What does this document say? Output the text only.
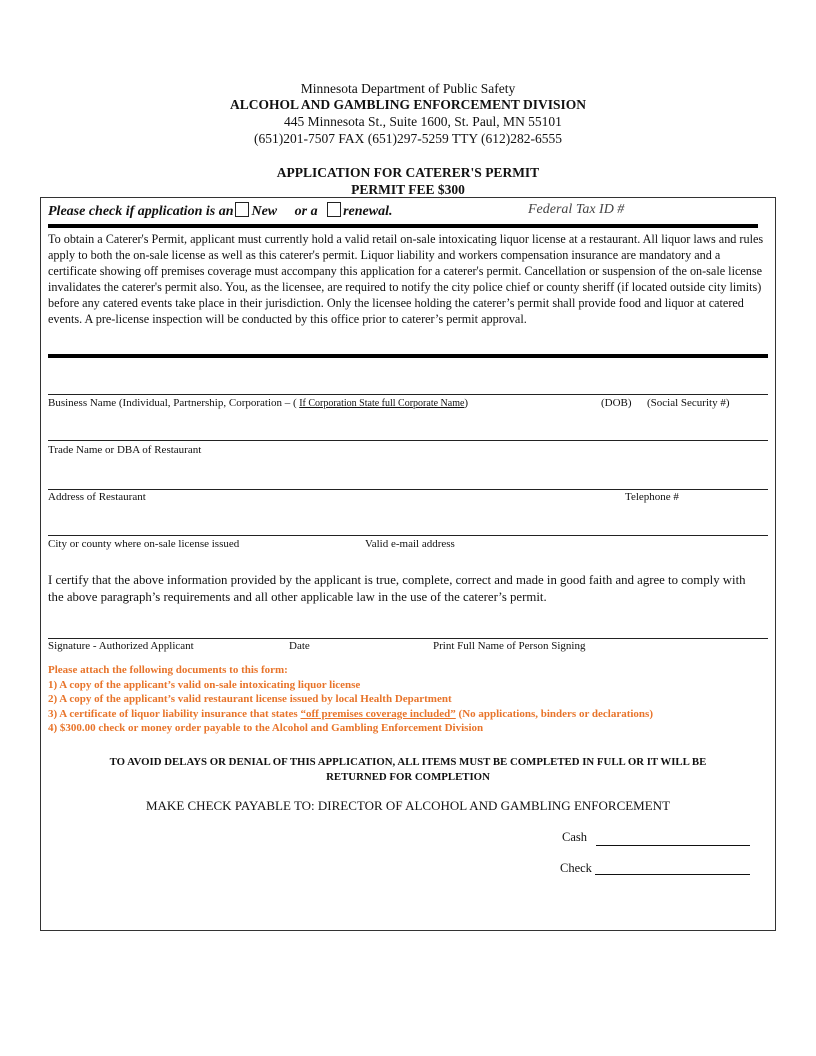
Minnesota Department of Public Safety
ALCOHOL AND GAMBLING ENFORCEMENT DIVISION
445 Minnesota St., Suite 1600, St. Paul, MN 55101
(651)201-7507 FAX (651)297-5259 TTY (612)282-6555
APPLICATION FOR CATERER'S PERMIT
PERMIT FEE $300
Please check if application is an New or a renewal.	Federal Tax ID #
To obtain a Caterer's Permit, applicant must currently hold a valid retail on-sale intoxicating liquor license at a restaurant. All liquor laws and rules apply to both the on-sale license as well as this caterer's permit. Liquor liability and workers compensation insurance are mandatory and a certificate showing off premises coverage must accompany this application for a caterer's permit. Cancellation or suspension of the on-sale license invalidates the caterer's permit also. You, as the licensee, are required to notify the city police chief or county sheriff (if located outside city limits) before any catered events take place in their jurisdiction. Only the licensee holding the caterer’s permit shall provide food and liquor at catered events. A pre-license inspection will be conducted by this office prior to caterer’s permit approval.
Business Name (Individual, Partnership, Corporation – ( If Corporation State full Corporate Name)	(DOB) (Social Security #)
Trade Name or DBA of Restaurant
Address of Restaurant	Telephone #
City or county where on-sale license issued	Valid e-mail address
I certify that the above information provided by the applicant is true, complete, correct and made in good faith and agree to comply with the above paragraph’s requirements and all other applicable law in the use of the caterer’s permit.
Signature - Authorized Applicant	Date	Print Full Name of Person Signing
Please attach the following documents to this form:
1) A copy of the applicant’s valid on-sale intoxicating liquor license
2) A copy of the applicant’s valid restaurant license issued by local Health Department
3) A certificate of liquor liability insurance that states “off premises coverage included” (No applications, binders or declarations)
4) $300.00 check or money order payable to the Alcohol and Gambling Enforcement Division
TO AVOID DELAYS OR DENIAL OF THIS APPLICATION, ALL ITEMS MUST BE COMPLETED IN FULL OR IT WILL BE
RETURNED FOR COMPLETION
MAKE CHECK PAYABLE TO: DIRECTOR OF ALCOHOL AND GAMBLING ENFORCEMENT
Cash
Check
